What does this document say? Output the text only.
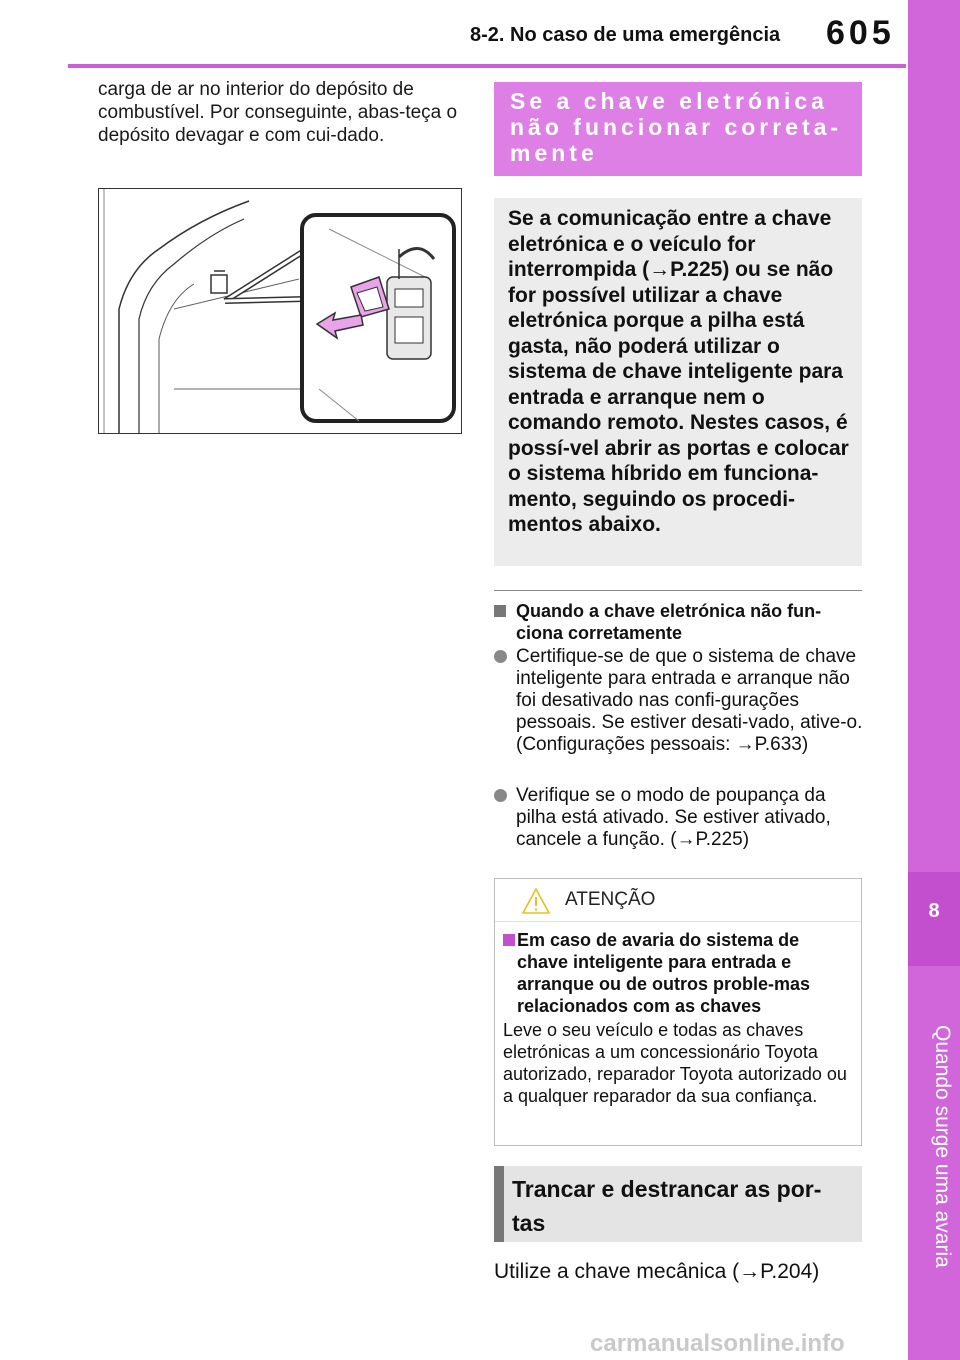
8-2. No caso de uma emergência 605
8
Quando surge uma avaria
carga de ar no interior do depósito de combustível. Por conseguinte, abas-teça o depósito devagar e com cui-dado.
Se a chave eletrónica não funcionar correta-mente
Se a comunicação entre a chave eletrónica e o veículo for interrompida (→P.225) ou se não for possível utilizar a chave eletrónica porque a pilha está gasta, não poderá utilizar o sistema de chave inteligente para entrada e arranque nem o comando remoto. Nestes casos, é possí-vel abrir as portas e colocar o sistema híbrido em funciona-mento, seguindo os procedi-mentos abaixo.
Quando a chave eletrónica não fun-ciona corretamente
Certifique-se de que o sistema de chave inteligente para entrada e arranque não foi desativado nas confi-gurações pessoais. Se estiver desati-vado, ative-o. (Configurações pessoais: →P.633)
Verifique se o modo de poupança da pilha está ativado. Se estiver ativado, cancele a função. (→P.225)
ATENÇÃO
Em caso de avaria do sistema de chave inteligente para entrada e arranque ou de outros proble-mas relacionados com as chaves
Leve o seu veículo e todas as chaves eletrónicas a um concessionário Toyota autorizado, reparador Toyota autorizado ou a qualquer reparador da sua confiança.
Trancar e destrancar as por-tas
Utilize a chave mecânica (→P.204)
carmanualsonline.info
